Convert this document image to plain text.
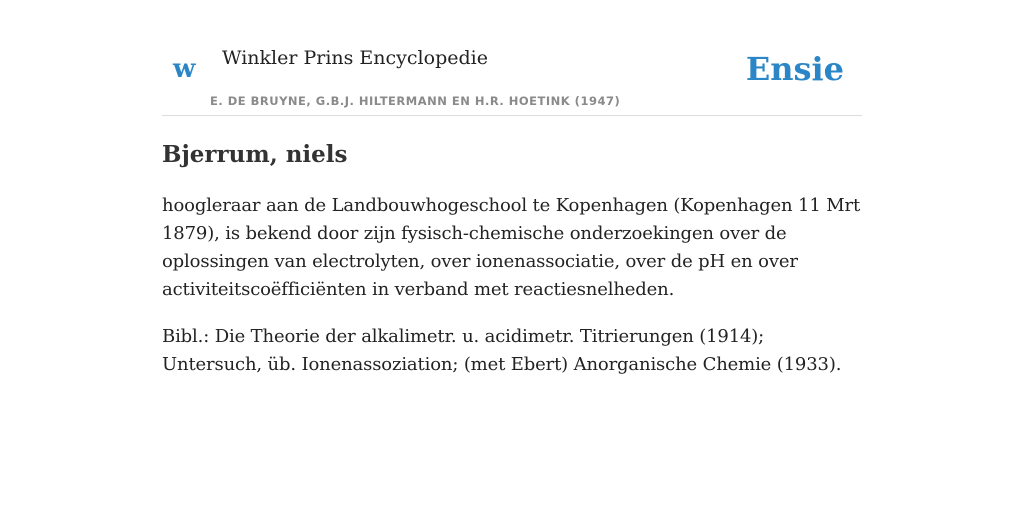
w Winkler Prins Encyclopedie
E. DE BRUYNE, G.B.J. HILTERMANN EN H.R. HOETINK (1947)
Ensie
Bjerrum, niels

hoogleraar aan de Landbouwhogeschool te Kopenhagen (Kopenhagen 11 Mrt 1879), is bekend door zijn fysisch-chemische onderzoekingen over de oplossingen van electrolyten, over ionenassociatie, over de pH en over activiteitscoëfficiënten in verband met reactiesnelheden.

Bibl.: Die Theorie der alkalimetr. u. acidimetr. Titrierungen (1914); Untersuch, üb. Ionenassoziation; (met Ebert) Anorganische Chemie (1933).
